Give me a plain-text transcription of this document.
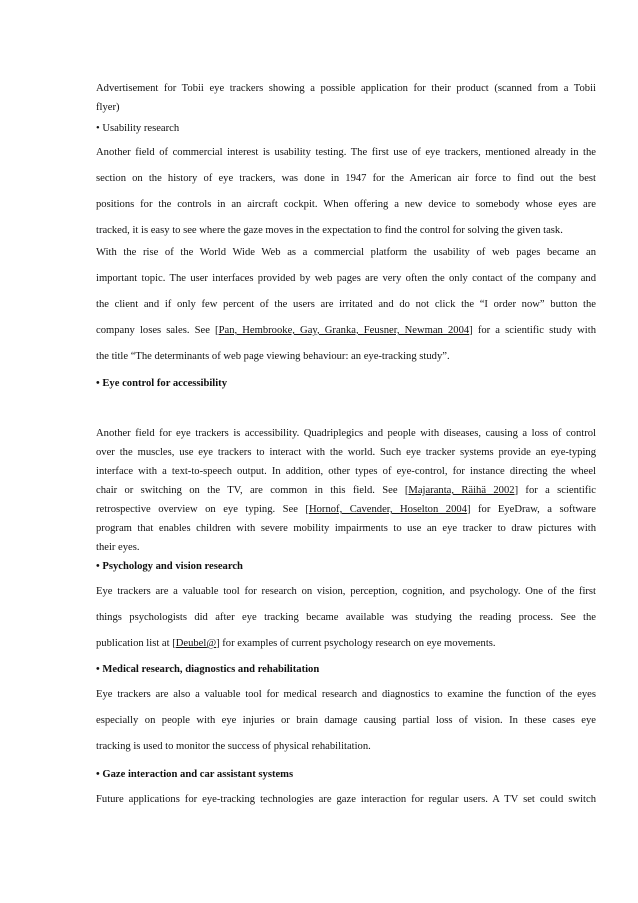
Advertisement for Tobii eye trackers showing a possible application for their product (scanned from a Tobii
flyer)
• Usability research
Another field of commercial interest is usability testing. The first use of eye trackers, mentioned already in the
section on the history of eye trackers, was done in 1947 for the American air force to find out the best
positions for the controls in an aircraft cockpit. When offering a new device to somebody whose eyes are
tracked, it is easy to see where the gaze moves in the expectation to find the control for solving the given task.
With the rise of the World Wide Web as a commercial platform the usability of web pages became an
important topic. The user interfaces provided by web pages are very often the only contact of the company and
the client and if only few percent of the users are irritated and do not click the “I order now” button the
company loses sales. See [Pan, Hembrooke, Gay, Granka, Feusner, Newman 2004] for a scientific study with
the title “The determinants of web page viewing behaviour: an eye-tracking study”.
• Eye control for accessibility
Another field for eye trackers is accessibility. Quadriplegics and people with diseases, causing a loss of control
over the muscles, use eye trackers to interact with the world. Such eye tracker systems provide an eye-typing
interface with a text-to-speech output. In addition, other types of eye-control, for instance directing the wheel
chair or switching on the TV, are common in this field. See [Majaranta, Räihä 2002] for a scientific
retrospective overview on eye typing. See [Hornof, Cavender, Hoselton 2004] for EyeDraw, a software
program that enables children with severe mobility impairments to use an eye tracker to draw pictures with
their eyes.
• Psychology and vision research
Eye trackers are a valuable tool for research on vision, perception, cognition, and psychology. One of the first
things psychologists did after eye tracking became available was studying the reading process. See the
publication list at [Deubel@] for examples of current psychology research on eye movements.
• Medical research, diagnostics and rehabilitation
Eye trackers are also a valuable tool for medical research and diagnostics to examine the function of the eyes
especially on people with eye injuries or brain damage causing partial loss of vision. In these cases eye
tracking is used to monitor the success of physical rehabilitation.
• Gaze interaction and car assistant systems
Future applications for eye-tracking technologies are gaze interaction for regular users. A TV set could switch
